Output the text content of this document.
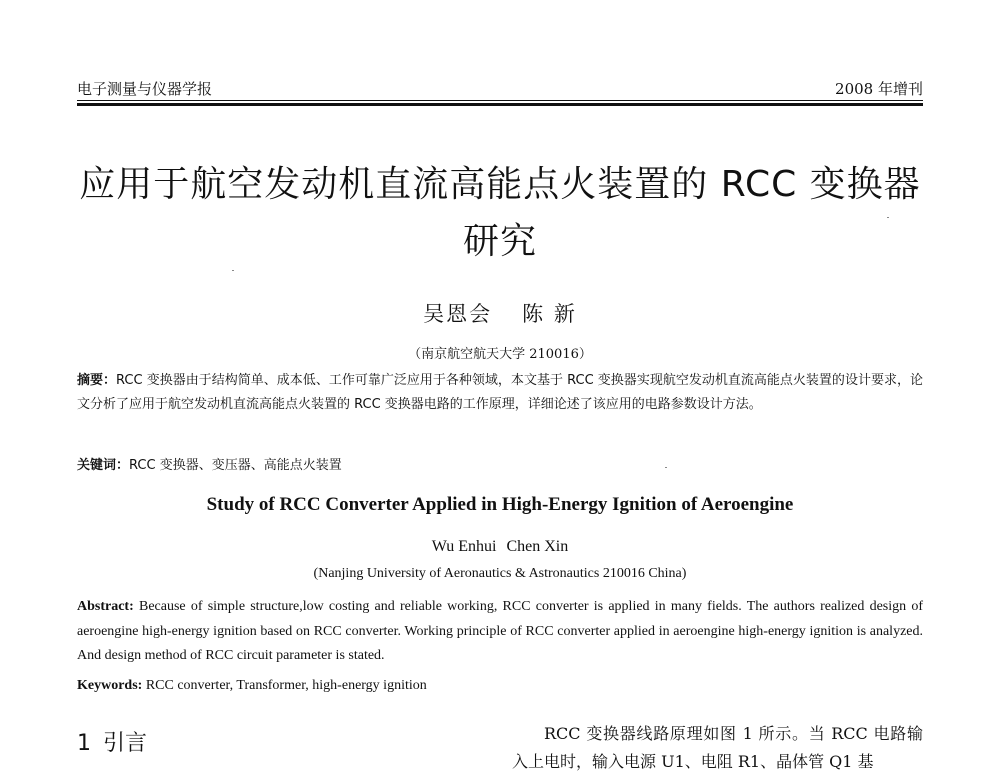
电子测量与仪器学报	2008 年增刊
应用于航空发动机直流高能点火装置的 RCC 变换器
研究
吴恩会 陈 新
（南京航空航天大学 210016）
摘要：RCC 变换器由于结构简单、成本低、工作可靠广泛应用于各种领域，本文基于 RCC 变换器实现航空发动机直流高能点火装置的设计要求，论文分析了应用于航空发动机直流高能点火装置的 RCC 变换器电路的工作原理，详细论述了该应用的电路参数设计方法。
关键词：RCC 变换器、变压器、高能点火装置
Study of RCC Converter Applied in High-Energy Ignition of Aeroengine
Wu Enhui Chen Xin
(Nanjing University of Aeronautics & Astronautics 210016 China)
Abstract: Because of simple structure,low costing and reliable working, RCC converter is applied in many fields. The authors realized design of aeroengine high-energy ignition based on RCC converter. Working principle of RCC converter applied in aeroengine high-energy ignition is analyzed. And design method of RCC circuit parameter is stated.
Keywords: RCC converter, Transformer, high-energy ignition
1 引言	RCC 变换器线路原理如图 1 所示。当 RCC 电路输入上电时，输入电源 U1、电阻 R1、晶体管 Q1 基
